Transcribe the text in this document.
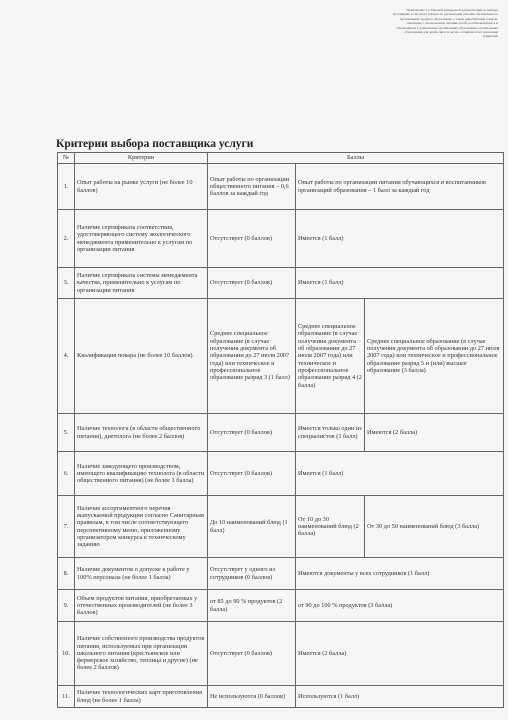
Приложение 3 к Типовой конкурсной документации по выбору поставщика услуги или товаров по организации питания обучающихся в организациях среднего образования, а также приобретения товаров, связанных с обеспечением питания детей, воспитывающихся и обучающихся в дошкольных организациях образования, организациях образования для детей-сирот и детей, оставшихся без попечения родителей
Критерии выбора поставщика услуги
№	Критерии	Баллы		
1.	Опыт работы на рынке услуги (не более 10 баллов)	Опыт работы по организации общественного питания – 0,6 баллов за каждый год	Опыт работы по организации питания обучающихся и воспитанников организаций образования – 1 балл за каждый год	
2.	Наличие сертификата соответствия, удостоверяющего систему экологического менеджмента применительно к услугам по организации питания	Отсутствует (0 баллов)	Имеется (1 балл)	
3.	Наличие сертификата системы менеджмента качества, применительно к услугам по организации питания	Отсутствует (0 баллов)	Имеется (1 балл)	
4.	Квалификация повара (не более 10 баллов).	Среднее специальное образование (в случае получения документа об образовании до 27 июля 2007 года) или техническое и профессиональное образование разряд 3 (1 балл)	Среднее специальное образование (в случае получения документа об образовании до 27 июля 2007 года) или техническое и профессиональное образование разряд 4 (2 балла)	Среднее специальное образование (в случае получения документа об образовании до 27 июля 2007 года) или техническое и профессиональное образование разряд 5 и (или) высшее образование (3 балла)
5.	Наличие технолога (в области общественного питания), диетолога (не более 2 баллов)	Отсутствует (0 баллов)	Имеется только один из специалистов (1 балл)	Имеются (2 балла)
6.	Наличие заведующего производством, имеющего квалификацию технолога (в области общественного питания) (не более 1 балла)	Отсутствует (0 баллов)	Имеется (1 балл)	
7.	Наличие ассортиментного перечня выпускаемой продукции согласно Санитарным правилам, в том числе соответствующего перспективному меню, приложенному организатором конкурса к техническому заданию	До 10 наименований блюд (1 балл)	От 10 до 30 наименований блюд (2 балла)	От 30 до 50 наименований блюд (3 балла)
8.	Наличие документов о допуске к работе у 100% персонала (не более 1 балла)	Отсутствует у одного из сотрудников (0 баллов)	Имеются документы у всех сотрудников (1 балл)	
9.	Объем продуктов питания, приобретаемых у отечественных производителей (не более 3 баллов)	от 85 до 90 % продуктов (2 балла)	от 90 до 100 % продуктов (3 балла)	
10.	Наличие собственного производства продуктов питания, используемых при организации школьного питания (крестьянское или фермерское хозяйство, теплица и другие) (не более 2 баллов)	Отсутствует (0 баллов)	Имеется (2 балла)	
11.	Наличие технологических карт приготовления блюд (не более 1 балла)	Не используются (0 баллов)	Используются (1 балл)	
